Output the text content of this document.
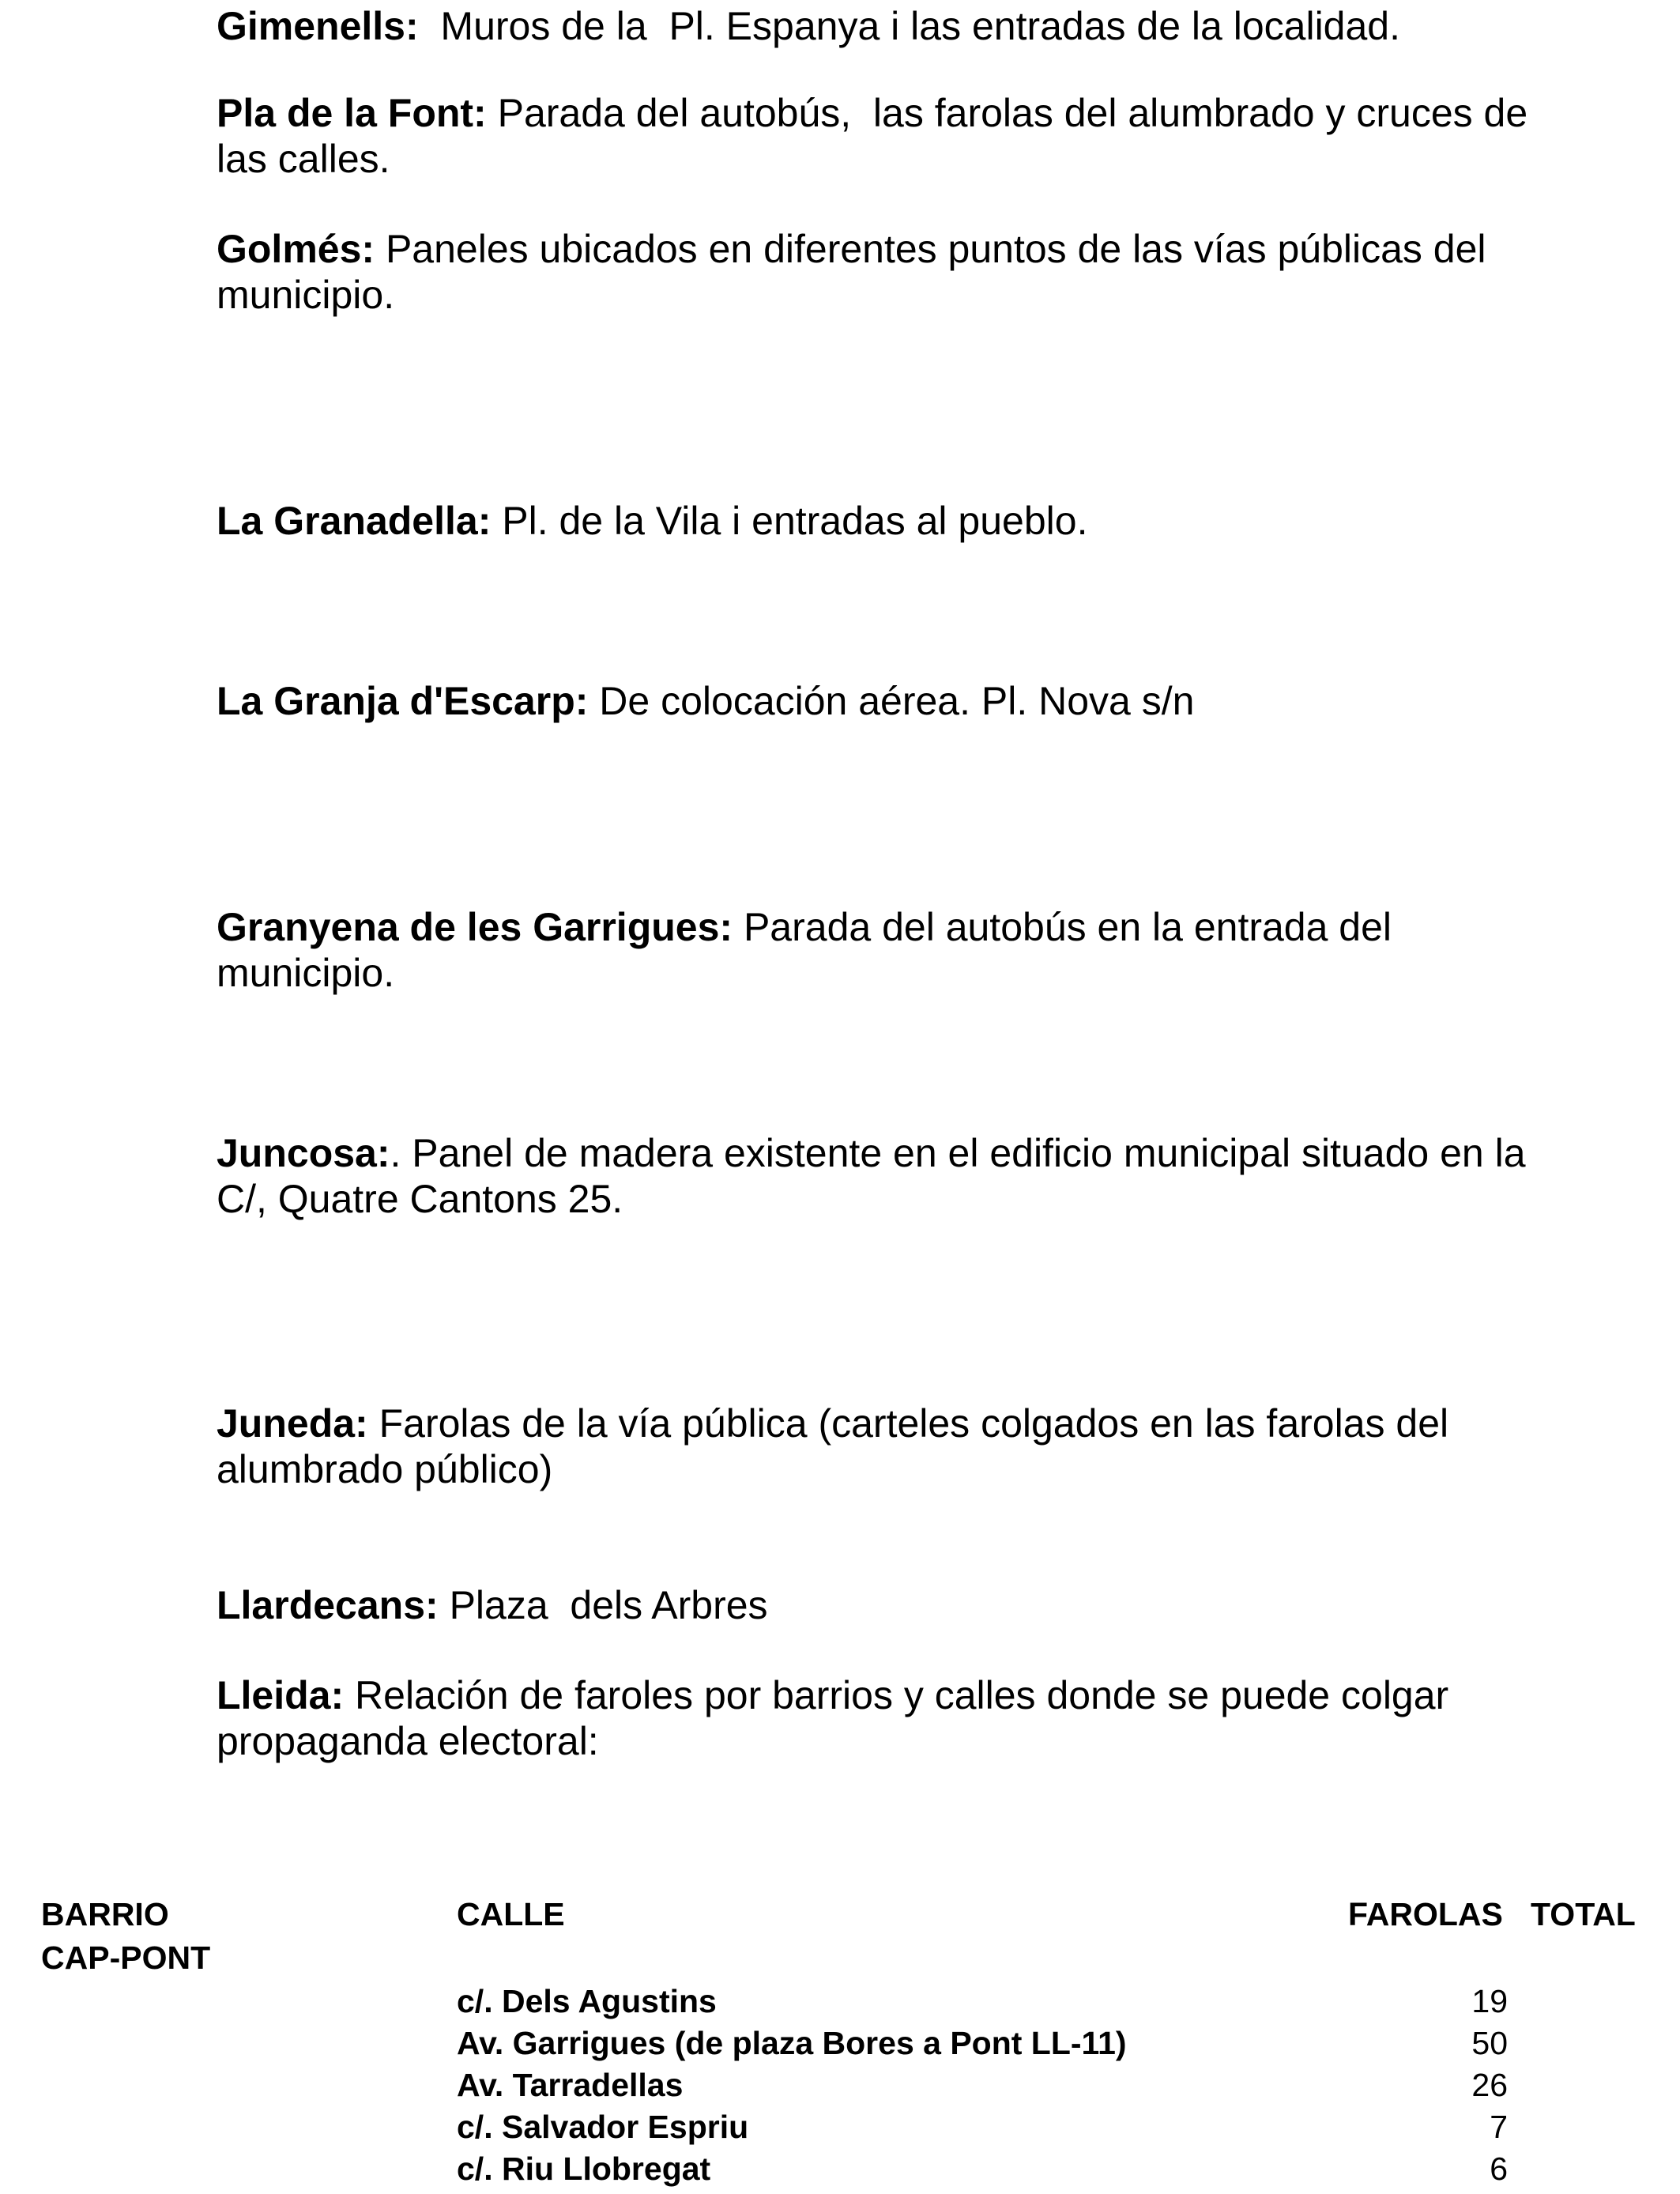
Gimenells:  Muros de la  Pl. Espanya i las entradas de la localidad.

Pla de la Font: Parada del autobús,  las farolas del alumbrado y cruces de las calles.

Golmés: Paneles ubicados en diferentes puntos de las vías públicas del municipio.

La Granadella: Pl. de la Vila i entradas al pueblo.

La Granja d'Escarp: De colocación aérea. Pl. Nova s/n

Granyena de les Garrigues: Parada del autobús en la entrada del municipio.

Juncosa:. Panel de madera existente en el edificio municipal situado en la C/, Quatre Cantons 25.

Juneda: Farolas de la vía pública (carteles colgados en las farolas del alumbrado público)

Llardecans: Plaza  dels Arbres

Lleida: Relación de faroles por barrios y calles donde se puede colgar propaganda electoral:

BARRIO	CALLE	FAROLAS TOTAL
CAP-PONT
c/. Dels Agustins	19
Av. Garrigues (de plaza Bores a Pont LL-11)	50
Av. Tarradellas	26
c/. Salvador Espriu	7
c/. Riu Llobregat	6
